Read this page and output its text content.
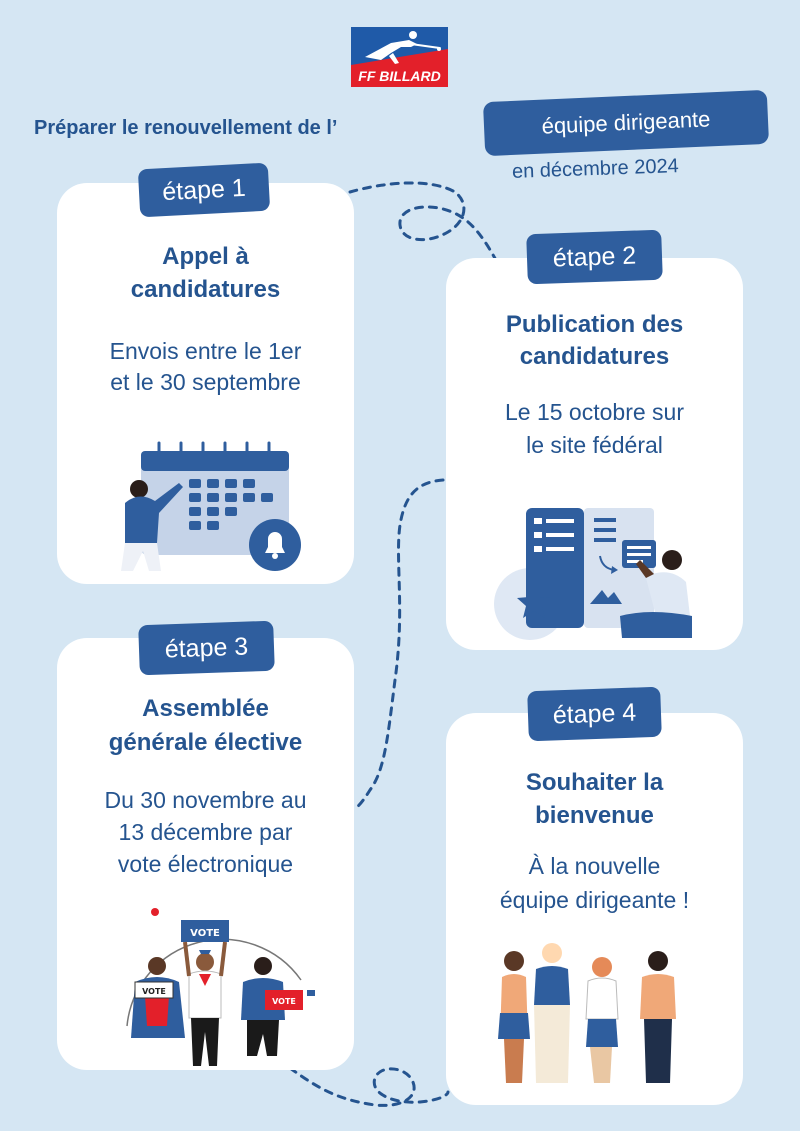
FF BILLARD
Préparer le renouvellement de l’	équipe dirigeante
en décembre 2024
Appel à
candidatures
Envois entre le 1er
et le 30 septembre
étape 1
Publication des
candidatures
Le 15 octobre sur
le site fédéral
étape 2
Assemblée
générale élective
Du 30 novembre au
13 décembre par
vote électronique
VOTE
VOTE
VOTE
étape 3
Souhaiter la
bienvenue
À la nouvelle
équipe dirigeante !
étape 4
